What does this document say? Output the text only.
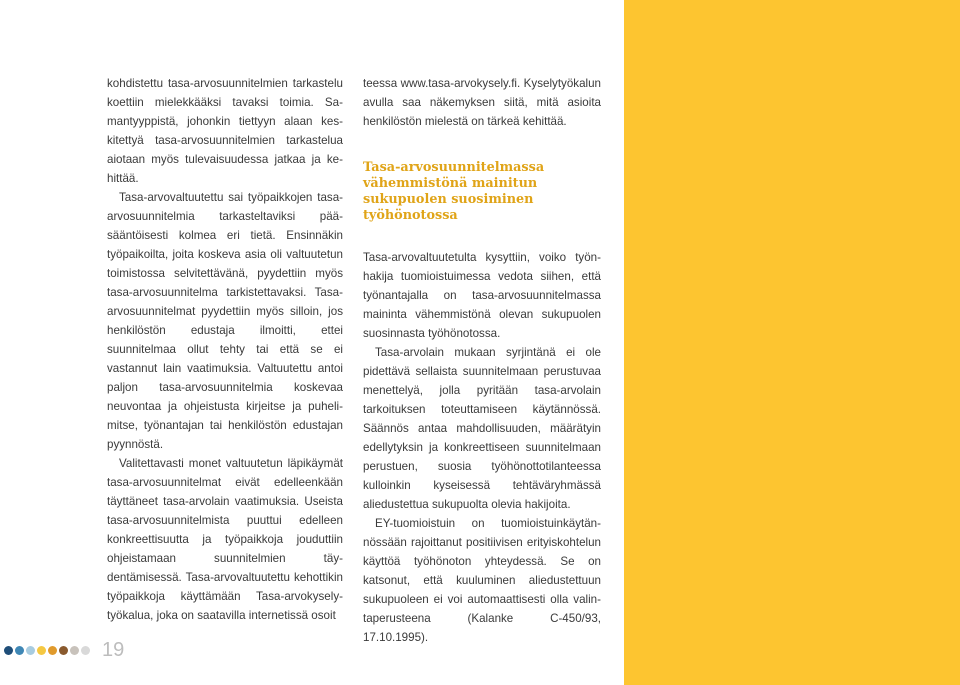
kohdistettu tasa-arvosuunnitelmien tarkastelu koettiin mielekkääksi tavaksi toimia. Samantyyppistä, johonkin tiettyyn alaan keskitettyä tasa-arvosuunnitelmien tarkastelua aiotaan myös tulevaisuudessa jatkaa ja kehittää.

Tasa-arvovaltuutettu sai työpaikkojen tasa-arvosuunnitelmia tarkasteltaviksi pääsääntöisesti kolmea eri tietä. Ensinnäkin työpaikoilta, joita koskeva asia oli valtuutetun toimistossa selvitettävänä, pyydettiin myös tasa-arvosuunnitelma tarkistettavaksi. Tasa-arvosuunnitelmat pyydettiin myös silloin, jos henkilöstön edustaja ilmoitti, ettei suunnitelmaa ollut tehty tai että se ei vastannut lain vaatimuksia. Valtuutettu antoi paljon tasa-arvosuunnitelmia koskevaa neuvontaa ja ohjeistusta kirjeitse ja puhelimitse, työnantajan tai henkilöstön edustajan pyynnöstä.

Valitettavasti monet valtuutetun läpikäymät tasa-arvosuunnitelmat eivät edelleenkään täyttäneet tasa-arvolain vaatimuksia. Useista tasa-arvosuunnitelmista puuttui edelleen konkreettisuutta ja työpaikkoja jouduttiin ohjeistamaan suunnitelmien täydentämisessä. Tasa-arvovaltuutettu kehottikin työpaikkoja käyttämään Tasa-arvokyselytyökalua, joka on saatavilla internetissä osoit

teessa www.tasa-arvokysely.fi. Kyselytyökalun avulla saa näkemyksen siitä, mitä asioita henkilöstön mielestä on tärkeä kehittää.

Tasa-arvosuunnitelmassa vähemmistönä mainitun sukupuolen suosiminen työhönotossa

Tasa-arvovaltuutetulta kysyttiin, voiko työnhakija tuomioistuimessa vedota siihen, että työnantajalla on tasa-arvosuunnitelmassa maininta vähemmistönä olevan sukupuolen suosinnasta työhönotossa.

Tasa-arvolain mukaan syrjintänä ei ole pidettävä sellaista suunnitelmaan perustuvaa menettelyä, jolla pyritään tasa-arvolain tarkoituksen toteuttamiseen käytännössä. Säännös antaa mahdollisuuden, määrätyin edellytyksin ja konkreettiseen suunnitelmaan perustuen, suosia työhönottotilanteessa kulloinkin kyseisessä tehtäväryhmässä aliedustettua sukupuolta olevia hakijoita.

EY-tuomioistuin on tuomioistuinkäytännössään rajoittanut positiivisen erityiskohtelun käyttöä työhönoton yhteydessä. Se on katsonut, että kuuluminen aliedustettuun sukupuoleen ei voi automaattisesti olla valintaperusteena (Kalanke C-450/93, 17.10.1995).

19
